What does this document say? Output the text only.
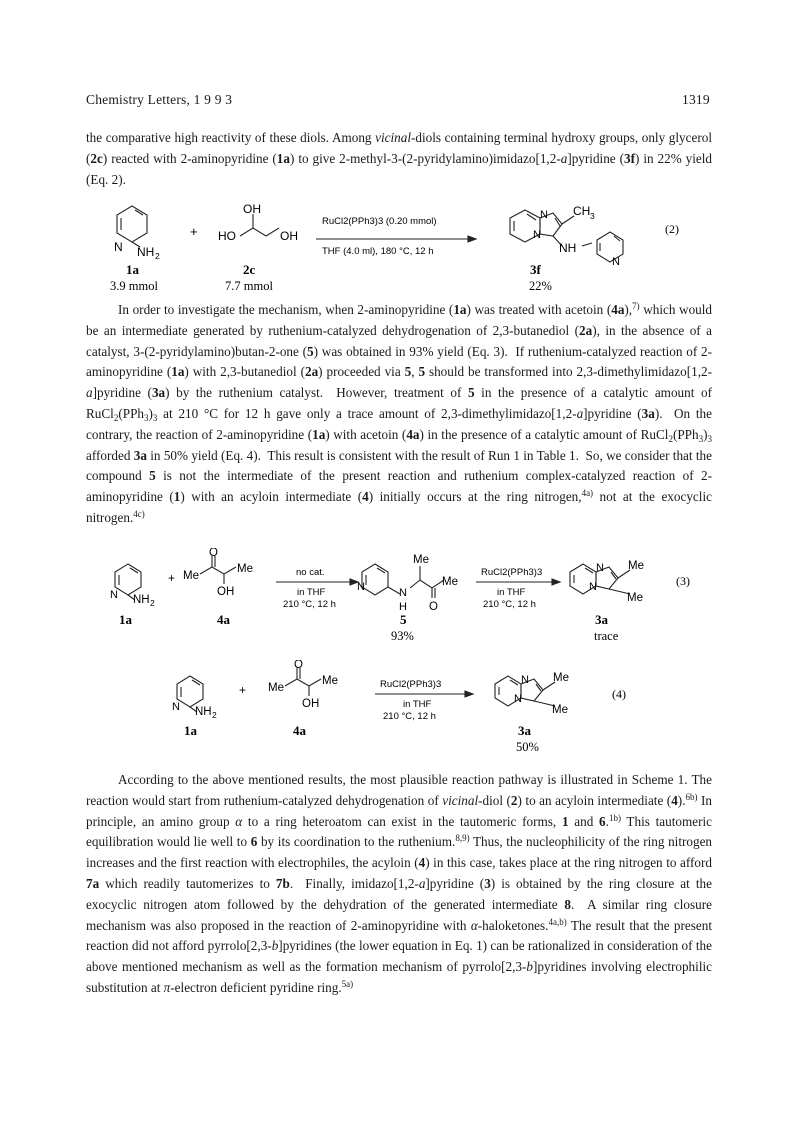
Chemistry Letters, 1 9 9 3	1319

the comparative high reactivity of these diols. Among vicinal-diols containing terminal hydroxy groups, only glycerol (2c) reacted with 2-aminopyridine (1a) to give 2-methyl-3-(2-pyridylamino)imidazo[1,2-a]pyridine (3f) in 22% yield (Eq. 2).

N NH 2
+ HO	OH
OH
RuCl2(PPh3)3 (0.20 mmol)
THF (4.0 ml), 180 °C, 12 h
N
N
CH 3
NH
N
(2)
1a
3.9 mmol
2c
7.7 mmol
3f
22%

In order to investigate the mechanism, when 2-aminopyridine (1a) was treated with acetoin (4a),$^{7)}$ which would be an intermediate generated by ruthenium-catalyzed dehydrogenation of 2,3-butanediol (2a), in the absence of a catalyst, 3-(2-pyridylamino)butan-2-one (5) was obtained in 93% yield (Eq. 3).  If ruthenium-catalyzed reaction of 2-aminopyridine (1a) with 2,3-butanediol (2a) proceeded via 5, 5 should be transformed into 2,3-dimethylimidazo[1,2-a]pyridine (3a) by the ruthenium catalyst.  However, treatment of 5 in the presence of a catalytic amount of $RuCl_2(PPh_3)_3$ at 210 °C for 12 h gave only a trace amount of 2,3-dimethylimidazo[1,2-a]pyridine (3a).  On the contrary, the reaction of 2-aminopyridine (1a) with acetoin (4a) in the presence of a catalytic amount of $RuCl_2(PPh_3)_3$ afforded 3a in 50% yield (Eq. 4).  This result is consistent with the result of Run 1 in Table 1.  So, we consider that the compound 5 is not the intermediate of the present reaction and ruthenium complex-catalyzed reaction of 2-aminopyridine (1) with an acyloin intermediate (4) initially occurs at the ring nitrogen,$^{4a)}$ not at the exocyclic nitrogen.$^{4c)}$

N NH 2
+
O
Me
Me
OH
no cat.
in THF
210 °C, 12 h
N	N
H
Me
Me
O
RuCl2(PPh3)3
in THF
210 °C, 12 h
N
N
Me
Me
(3)
1a	4a	5
93%
3a
trace
N NH 2
+
O
Me
Me
OH
RuCl2(PPh3)3
in THF
210 °C, 12 h
N
N
Me
Me
(4)
1a	4a	3a
50%

According to the above mentioned results, the most plausible reaction pathway is illustrated in Scheme 1. The reaction would start from ruthenium-catalyzed dehydrogenation of vicinal-diol (2) to an acyloin intermediate (4).$^{6b)}$ In principle, an amino group α to a ring heteroatom can exist in the tautomeric forms, 1 and 6.$^{1b)}$ This tautomeric equilibration would lie well to 6 by its coordination to the ruthenium.$^{8,9)}$ Thus, the nucleophilicity of the ring nitrogen increases and the first reaction with electrophiles, the acyloin (4) in this case, takes place at the ring nitrogen to afford 7a which readily tautomerizes to 7b.  Finally, imidazo[1,2-a]pyridine (3) is obtained by the ring closure at the exocyclic nitrogen atom followed by the dehydration of the generated intermediate 8.  A similar ring closure mechanism was also proposed in the reaction of 2-aminopyridine with α-haloketones.$^{4a,b)}$ The result that the present reaction did not afford pyrrolo[2,3-b]pyridines (the lower equation in Eq. 1) can be rationalized in consideration of the above mentioned mechanism as well as the formation mechanism of pyrrolo[2,3-b]pyridines involving electrophilic substitution at π-electron deficient pyridine ring.$^{5a)}$
